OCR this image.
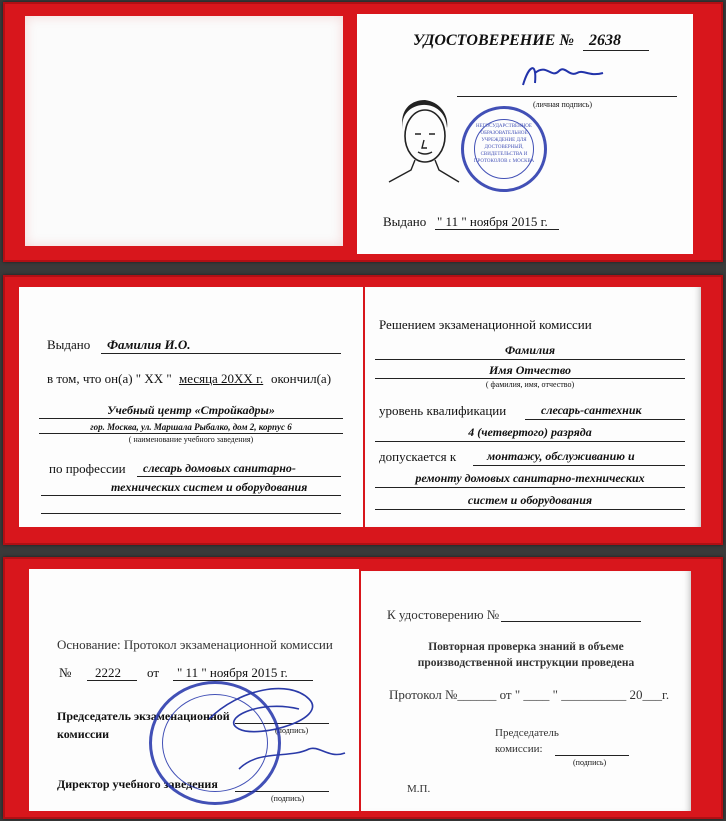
УДОСТОВЕРЕНИЕ № 2638
(личная подпись)
НЕГОСУДАРСТВЕННОЕ ОБРАЗОВАТЕЛЬНОЕ УЧРЕЖДЕНИЕ ДЛЯ ДОСТОВЕРНЫЙ, СВИДЕТЕЛЬСТВА И ПРОТОКОЛОВ г. МОСКВА
Выдано " 11 " ноября 2015 г.
Выдано Фамилия И.О.
в том, что он(а) " XX " месяца 20XX г. окончил(а)
Учебный центр «Стройкадры»
гор. Москва, ул. Маршала Рыбалко, дом 2, корпус 6
( наименование учебного заведения)
по профессии слесарь домовых санитарно-
технических систем и оборудования
Решением экзаменационной комиссии
Фамилия
Имя Отчество
( фамилия, имя, отчество)
уровень квалификации	слесарь-сантехник
4 (четвертого) разряда
допускается к	монтажу, обслуживанию и
ремонту домовых санитарно-технических
систем и оборудования
Основание: Протокол экзаменационной комиссии
№ 2222 от " 11 " ноября 2015 г.
Председатель экзаменационной
комиссии	(подпись)
Директор учебного заведения
(подпись)
К удостоверению №
Повторная проверка знаний в объеме
производственной инструкции проведена
Протокол №______ от " ____ " __________ 20___г.
Председатель
комиссии:
(подпись)
М.П.
